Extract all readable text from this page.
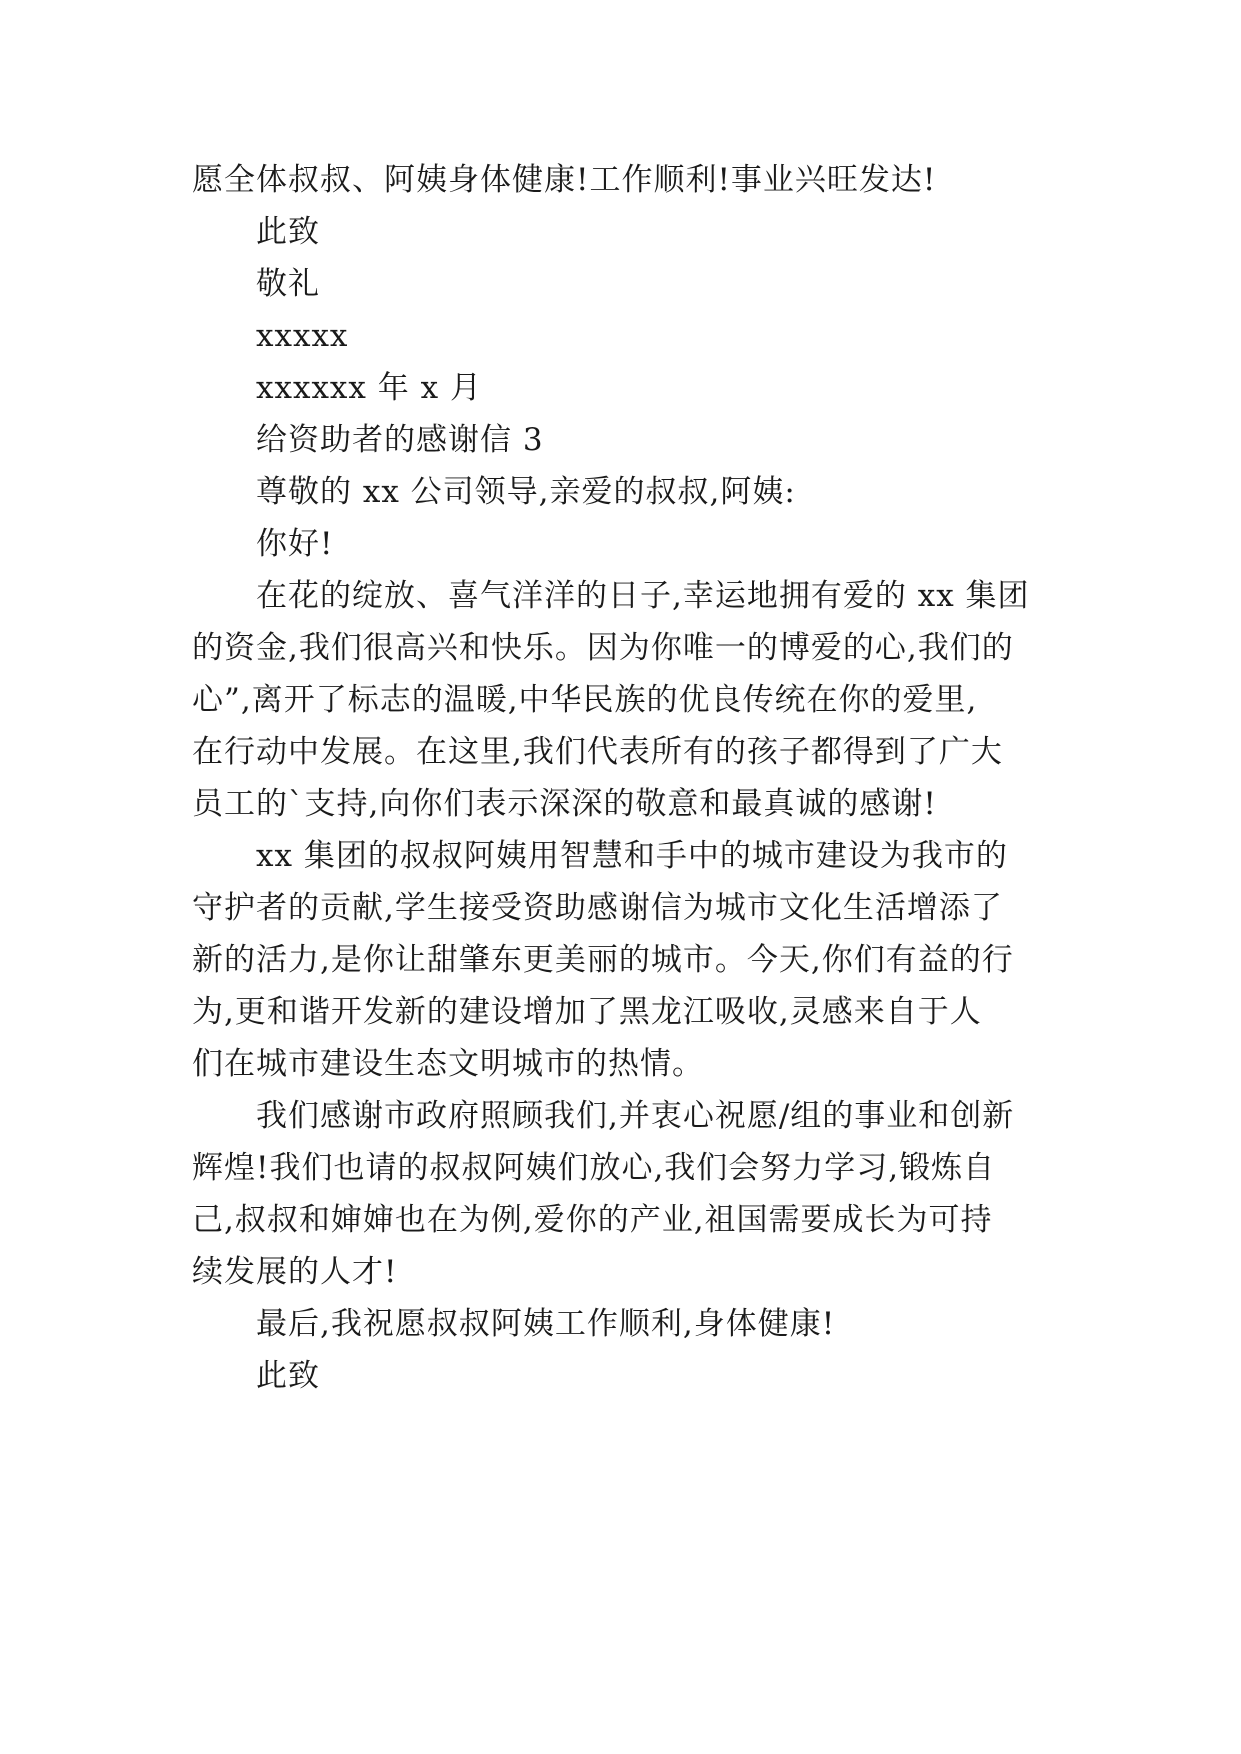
愿全体叔叔、阿姨身体健康!工作顺利!事业兴旺发达!
此致
敬礼
xxxxx
xxxxxx 年 x 月
给资助者的感谢信 3
尊敬的 xx 公司领导,亲爱的叔叔,阿姨:
你好!
在花的绽放、喜气洋洋的日子,幸运地拥有爱的 xx 集团
的资金,我们很高兴和快乐。因为你唯一的博爱的心,我们的
心”,离开了标志的温暖,中华民族的优良传统在你的爱里,
在行动中发展。在这里,我们代表所有的孩子都得到了广大
员工的`支持,向你们表示深深的敬意和最真诚的感谢!
xx 集团的叔叔阿姨用智慧和手中的城市建设为我市的
守护者的贡献,学生接受资助感谢信为城市文化生活增添了
新的活力,是你让甜肇东更美丽的城市。今天,你们有益的行
为,更和谐开发新的建设增加了黑龙江吸收,灵感来自于人
们在城市建设生态文明城市的热情。
我们感谢市政府照顾我们,并衷心祝愿/组的事业和创新
辉煌!我们也请的叔叔阿姨们放心,我们会努力学习,锻炼自
己,叔叔和婶婶也在为例,爱你的产业,祖国需要成长为可持
续发展的人才!
最后,我祝愿叔叔阿姨工作顺利,身体健康!
此致
